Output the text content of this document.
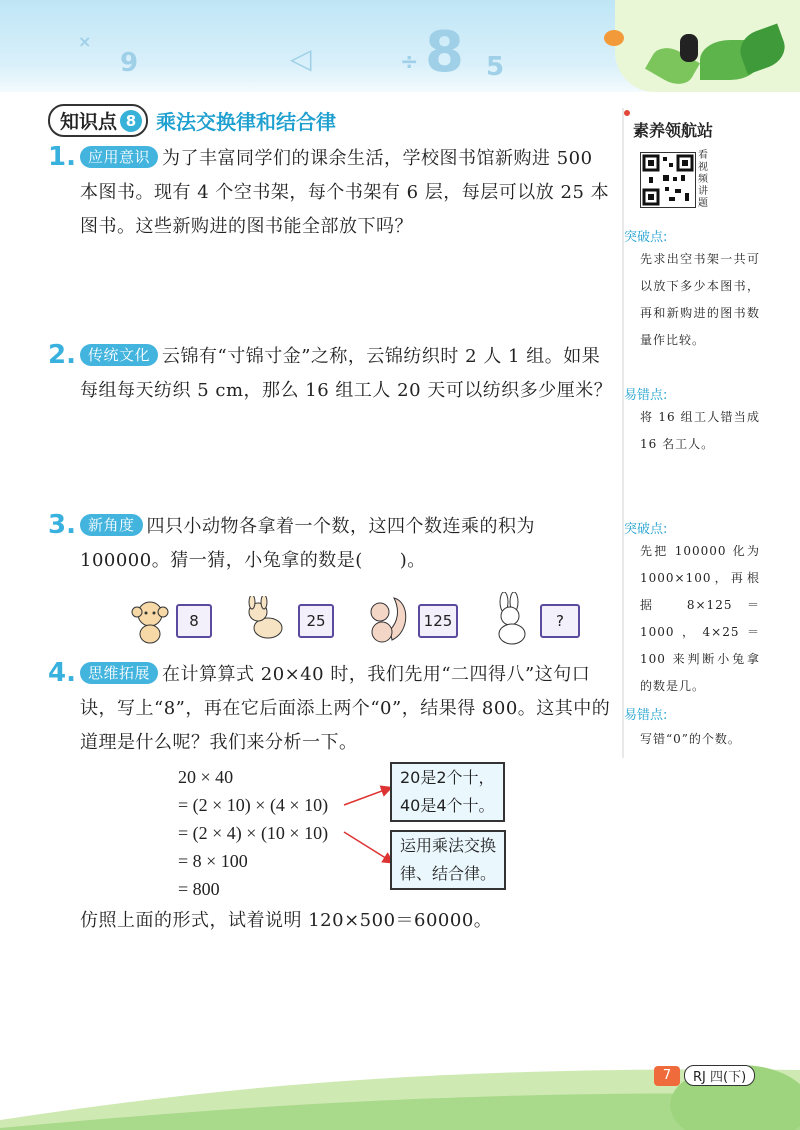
9	◁	÷ 8
×
5
知识点 8 乘法交换律和结合律	素养领航站
看视频讲题
突破点:
先求出空书架一共可以放下多少本图书，再和新购进的图书数量作比较。
易错点:
将 16 组工人错当成 16 名工人。
突破点:
先把 100000 化为 1000×100，再根据 8×125＝1000，4×25＝100 来判断小兔拿的数是几。
易错点:
写错“0”的个数。
1. 应用意识 为了丰富同学们的课余生活，学校图书馆新购进 500 本图书。现有 4 个空书架，每个书架有 6 层，每层可以放 25 本图书。这些新购进的图书能全部放下吗？
2. 传统文化 云锦有“寸锦寸金”之称，云锦纺织时 2 人 1 组。如果每组每天纺织 5 cm，那么 16 组工人 20 天可以纺织多少厘米？
3. 新角度 四只小动物各拿着一个数，这四个数连乘的积为 100000。猜一猜，小兔拿的数是(　　)。
8	25	125	?
4. 思维拓展 在计算算式 20×40 时，我们先用“二四得八”这句口诀，写上“8”，再在它后面添上两个“0”，结果得 800。这其中的道理是什么呢？我们来分析一下。
20 × 40
= (2 × 10) × (4 × 10)
= (2 × 4) × (10 × 10)
= 8 × 100
= 800
20是2个十，
40是4个十。
运用乘法交换
律、结合律。
仿照上面的形式，试着说明 120×500＝60000。
7	RJ 四(下)
